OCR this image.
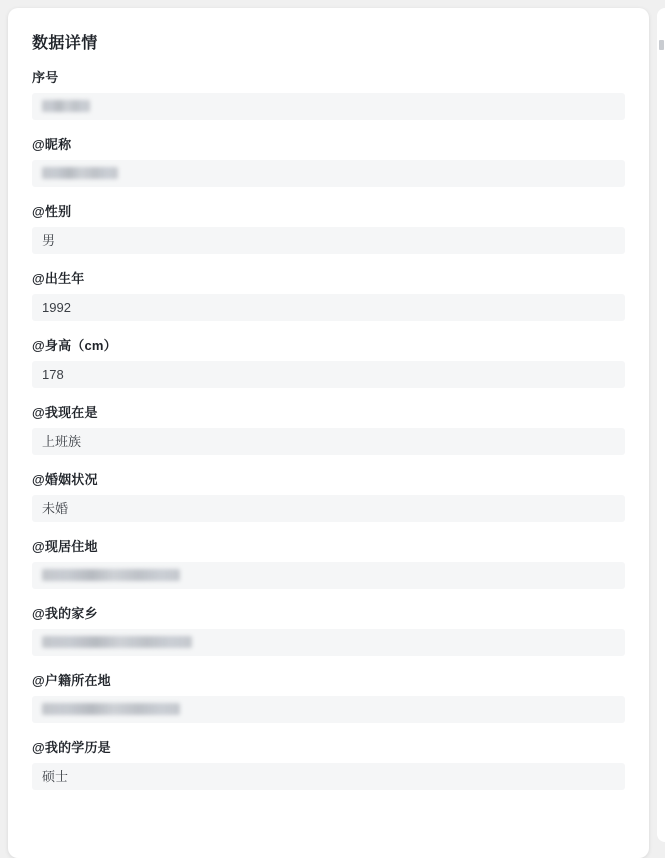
数据详情
序号
@昵称
@性别
男
@出生年
1992
@身高（cm）
178
@我现在是
上班族
@婚姻状况
未婚
@现居住地
@我的家乡
@户籍所在地
@我的学历是
硕士
